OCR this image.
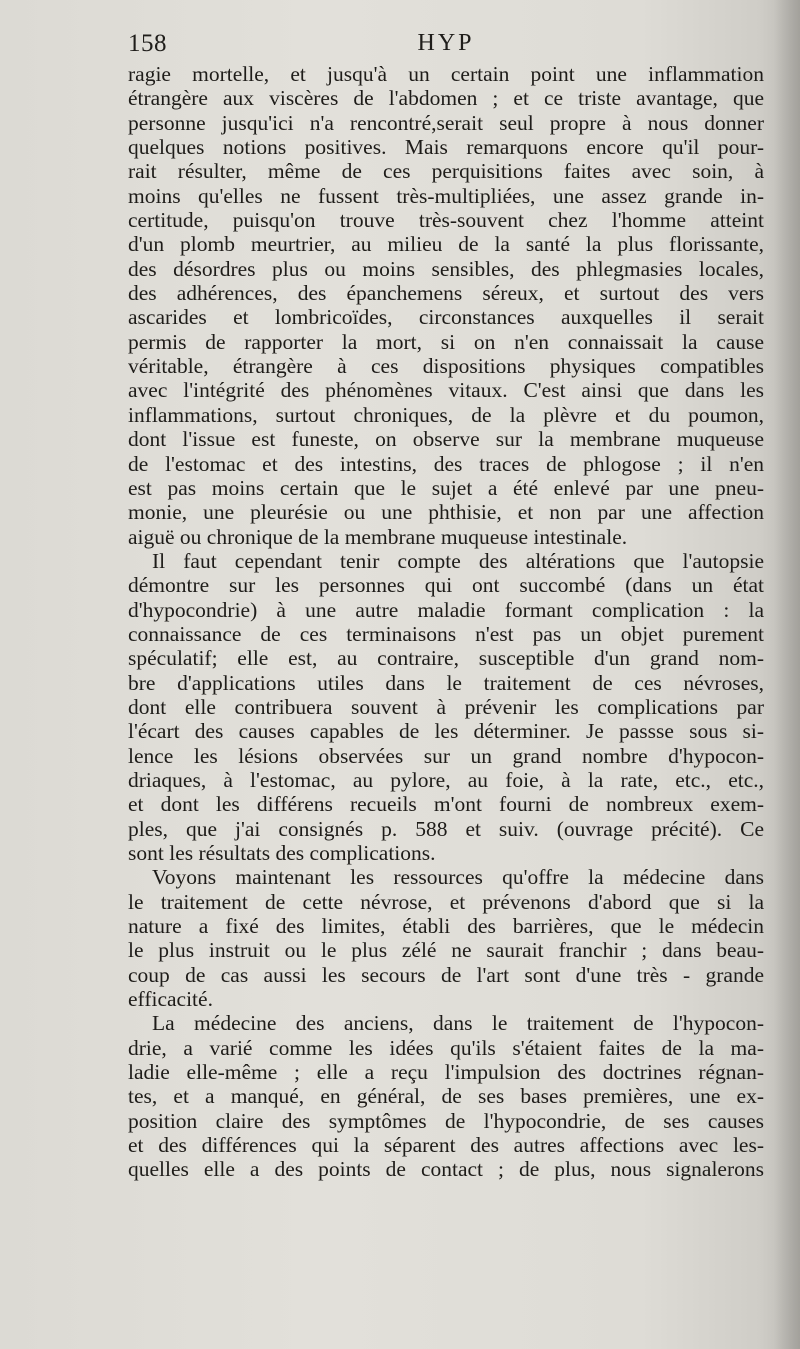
158	HYP
ragie mortelle, et jusqu'à un certain point une inflammation
étrangère aux viscères de l'abdomen ; et ce triste avantage, que
personne jusqu'ici n'a rencontré,serait seul propre à nous donner
quelques notions positives. Mais remarquons encore qu'il pour-
rait résulter, même de ces perquisitions faites avec soin, à
moins qu'elles ne fussent très-multipliées, une assez grande in-
certitude, puisqu'on trouve très-souvent chez l'homme atteint
d'un plomb meurtrier, au milieu de la santé la plus florissante,
des désordres plus ou moins sensibles, des phlegmasies locales,
des adhérences, des épanchemens séreux, et surtout des vers
ascarides et lombricoïdes, circonstances auxquelles il serait
permis de rapporter la mort, si on n'en connaissait la cause
véritable, étrangère à ces dispositions physiques compatibles
avec l'intégrité des phénomènes vitaux. C'est ainsi que dans les
inflammations, surtout chroniques, de la plèvre et du poumon,
dont l'issue est funeste, on observe sur la membrane muqueuse
de l'estomac et des intestins, des traces de phlogose ; il n'en
est pas moins certain que le sujet a été enlevé par une pneu-
monie, une pleurésie ou une phthisie, et non par une affection
aiguë ou chronique de la membrane muqueuse intestinale.
Il faut cependant tenir compte des altérations que l'autopsie
démontre sur les personnes qui ont succombé (dans un état
d'hypocondrie) à une autre maladie formant complication : la
connaissance de ces terminaisons n'est pas un objet purement
spéculatif; elle est, au contraire, susceptible d'un grand nom-
bre d'applications utiles dans le traitement de ces névroses,
dont elle contribuera souvent à prévenir les complications par
l'écart des causes capables de les déterminer. Je passse sous si-
lence les lésions observées sur un grand nombre d'hypocon-
driaques, à l'estomac, au pylore, au foie, à la rate, etc., etc.,
et dont les différens recueils m'ont fourni de nombreux exem-
ples, que j'ai consignés p. 588 et suiv. (ouvrage précité). Ce
sont les résultats des complications.
Voyons maintenant les ressources qu'offre la médecine dans
le traitement de cette névrose, et prévenons d'abord que si la
nature a fixé des limites, établi des barrières, que le médecin
le plus instruit ou le plus zélé ne saurait franchir ; dans beau-
coup de cas aussi les secours de l'art sont d'une très - grande
efficacité.
La médecine des anciens, dans le traitement de l'hypocon-
drie, a varié comme les idées qu'ils s'étaient faites de la ma-
ladie elle-même ; elle a reçu l'impulsion des doctrines régnan-
tes, et a manqué, en général, de ses bases premières, une ex-
position claire des symptômes de l'hypocondrie, de ses causes
et des différences qui la séparent des autres affections avec les-
quelles elle a des points de contact ; de plus, nous signalerons
